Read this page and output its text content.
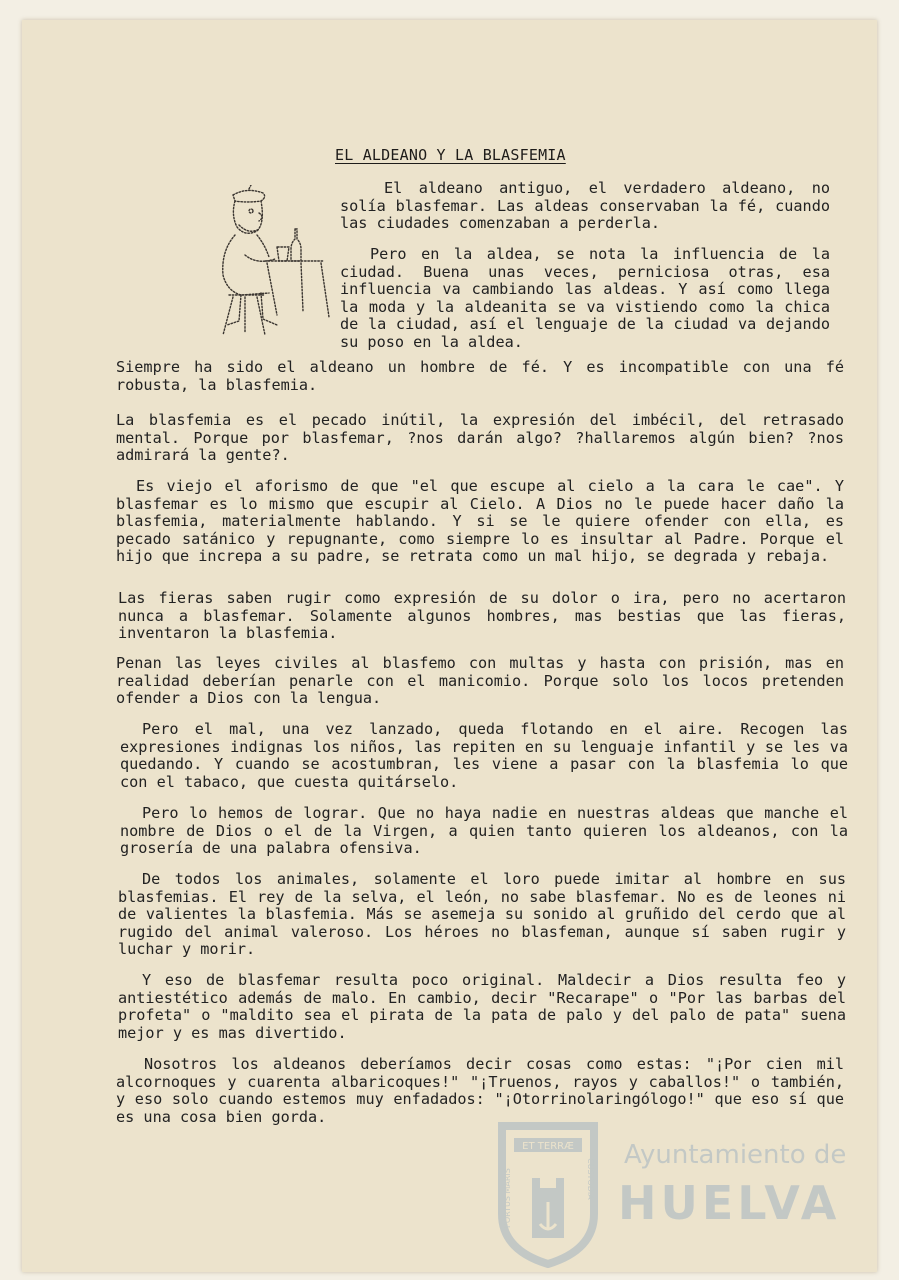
EL ALDEANO Y LA BLASFEMIA

El aldeano antiguo, el verdadero aldeano, no solía blasfemar. Las aldeas conservaban la fé, cuando las ciudades comenzaban a perderla.

Pero en la aldea, se nota la influencia de la ciudad. Buena unas veces, perniciosa otras, esa influencia va cambiando las aldeas. Y así como llega la moda y la aldeanita se va vistiendo como la chica de la ciudad, así el lenguaje de la ciudad va dejando su poso en la aldea.

Siempre ha sido el aldeano un hombre de fé. Y es incompatible con una fé robusta, la blasfemia.

La blasfemia es el pecado inútil, la expresión del imbécil, del retrasado mental. Porque por blasfemar, ?nos darán algo? ?hallaremos algún bien? ?nos admirará la gente?.

Es viejo el aforismo de que "el que escupe al cielo a la cara le cae". Y blasfemar es lo mismo que escupir al Cielo. A Dios no le puede hacer daño la blasfemia, materialmente hablando. Y si se le quiere ofender con ella, es pecado satánico y repugnante, como siempre lo es insultar al Padre. Porque el hijo que increpa a su padre, se retrata como un mal hijo, se degrada y rebaja.

Las fieras saben rugir como expresión de su dolor o ira, pero no acertaron nunca a blasfemar. Solamente algunos hombres, mas bestias que las fieras, inventaron la blasfemia.

Penan las leyes civiles al blasfemo con multas y hasta con prisión, mas en realidad deberían penarle con el manicomio. Porque solo los locos pretenden ofender a Dios con la lengua.

Pero el mal, una vez lanzado, queda flotando en el aire. Recogen las expresiones indignas los niños, las repiten en su lenguaje infantil y se les va quedando. Y cuando se acostumbran, les viene a pasar con la blasfemia lo que con el tabaco, que cuesta quitárselo.

Pero lo hemos de lograr. Que no haya nadie en nuestras aldeas que manche el nombre de Dios o el de la Virgen, a quien tanto quieren los aldeanos, con la grosería de una palabra ofensiva.

De todos los animales, solamente el loro puede imitar al hombre en sus blasfemias. El rey de la selva, el león, no sabe blasfemar. No es de leones ni de valientes la blasfemia. Más se asemeja su sonido al gruñido del cerdo que al rugido del animal valeroso. Los héroes no blasfeman, aunque sí saben rugir y luchar y morir.

Y eso de blasfemar resulta poco original. Maldecir a Dios resulta feo y antiestético además de malo. En cambio, decir "Recarape" o "Por las barbas del profeta" o "maldito sea el pirata de la pata de palo y del palo de pata" suena mejor y es mas divertido.

Nosotros los aldeanos deberíamos decir cosas como estas: "¡Por cien mil alcornoques y cuarenta albaricoques!" "¡Truenos, rayos y caballos!" o también, y eso solo cuando estemos muy enfadados: "¡Otorrinolaringólogo!" que eso sí que es una cosa bien gorda.

ET TERRÆ
PORTUS MARIS	CUSTODIA
Ayuntamiento de
HUELVA
